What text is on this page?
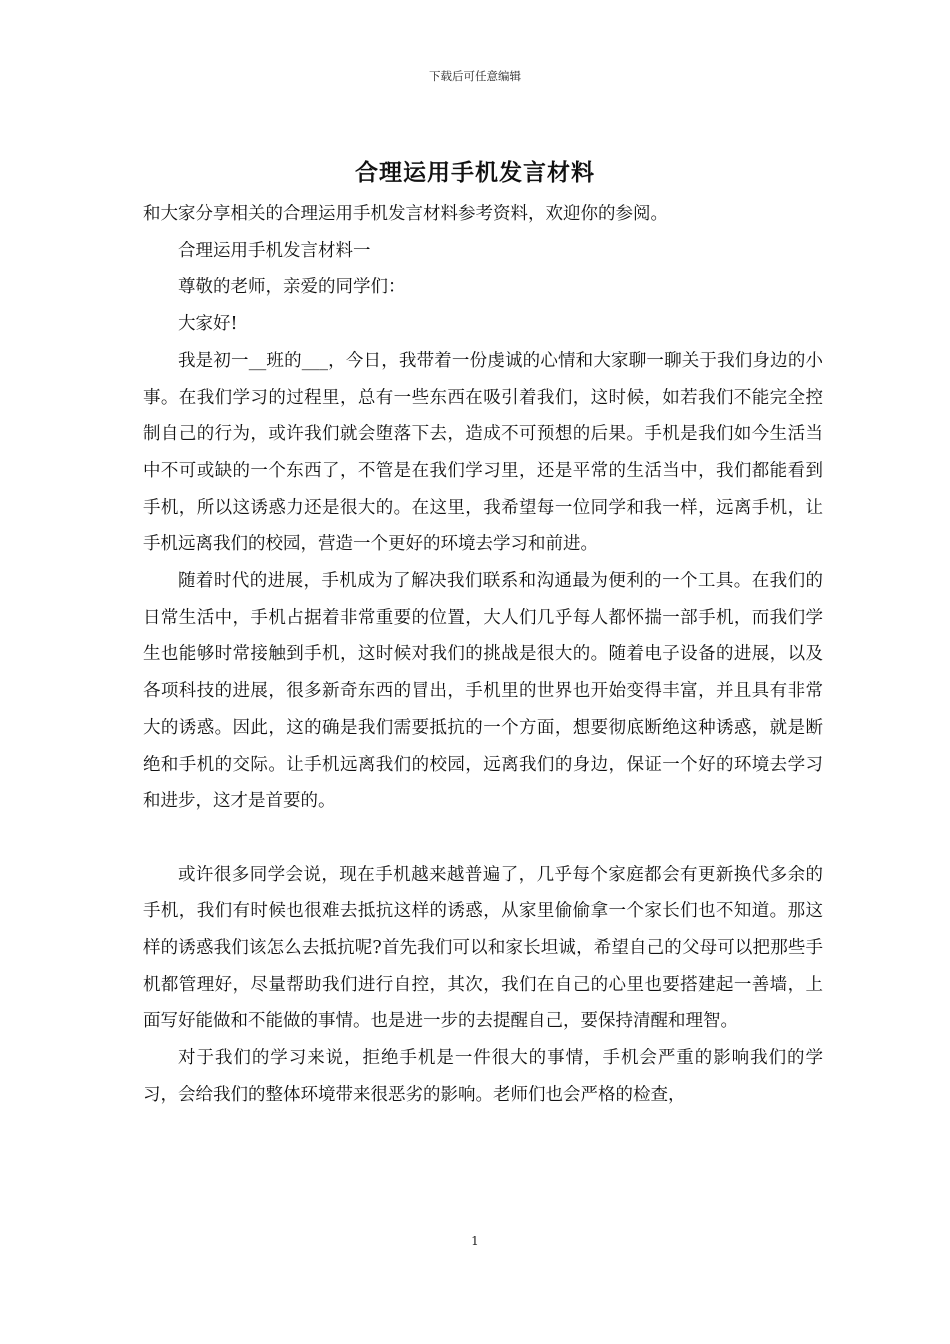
下载后可任意编辑
合理运用手机发言材料

和大家分享相关的合理运用手机发言材料参考资料，欢迎你的参阅。

合理运用手机发言材料一

尊敬的老师，亲爱的同学们：

大家好!

我是初一__班的___，今日，我带着一份虔诚的心情和大家聊一聊关于我们身边的小事。在我们学习的过程里，总有一些东西在吸引着我们，这时候，如若我们不能完全控制自己的行为，或许我们就会堕落下去，造成不可预想的后果。手机是我们如今生活当中不可或缺的一个东西了，不管是在我们学习里，还是平常的生活当中，我们都能看到手机，所以这诱惑力还是很大的。在这里，我希望每一位同学和我一样，远离手机，让手机远离我们的校园，营造一个更好的环境去学习和前进。

随着时代的进展，手机成为了解决我们联系和沟通最为便利的一个工具。在我们的日常生活中，手机占据着非常重要的位置，大人们几乎每人都怀揣一部手机，而我们学生也能够时常接触到手机，这时候对我们的挑战是很大的。随着电子设备的进展，以及各项科技的进展，很多新奇东西的冒出，手机里的世界也开始变得丰富，并且具有非常大的诱惑。因此，这的确是我们需要抵抗的一个方面，想要彻底断绝这种诱惑，就是断绝和手机的交际。让手机远离我们的校园，远离我们的身边，保证一个好的环境去学习和进步，这才是首要的。

或许很多同学会说，现在手机越来越普遍了，几乎每个家庭都会有更新换代多余的手机，我们有时候也很难去抵抗这样的诱惑，从家里偷偷拿一个家长们也不知道。那这样的诱惑我们该怎么去抵抗呢?首先我们可以和家长坦诚，希望自己的父母可以把那些手机都管理好，尽量帮助我们进行自控，其次，我们在自己的心里也要搭建起一善墙，上面写好能做和不能做的事情。也是进一步的去提醒自己，要保持清醒和理智。

对于我们的学习来说，拒绝手机是一件很大的事情，手机会严重的影响我们的学习，会给我们的整体环境带来很恶劣的影响。老师们也会严格的检查，

1
